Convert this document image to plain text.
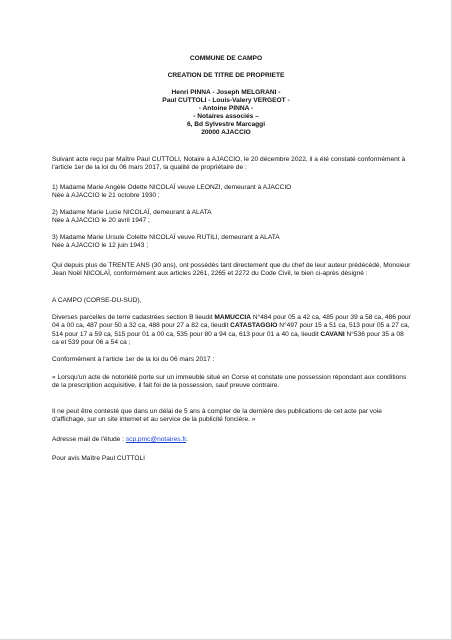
COMMUNE DE CAMPO
CREATION DE TITRE DE PROPRIETE
Henri PINNA - Joseph MELGRANI -
Paul CUTTOLI - Louis-Valery VERGEOT -
- Antoine PINNA -
- Notaires associés –
6, Bd Sylvestre Marcaggi
20000 AJACCIO

Suivant acte reçu par Maître Paul CUTTOLI, Notaire à AJACCIO, le 20 décembre 2022, il a été constaté conformément à l'article 1er de la loi du 06 mars 2017, la qualité de propriétaire de :

1) Madame Marie Angèle Odette NICOLAÏ veuve LEONZI, demeurant à AJACCIO

Née à AJACCIO le 21 octobre 1930 ;

2) Madame Marie Lucie NICOLAÏ, demeurant à ALATA

Née à AJACCIO le 20 avril 1947 ;

3) Madame Marie Ursule Colette NICOLAÏ veuve RUTILI, demeurant à ALATA

Née à AJACCIO le 12 juin 1943 ;

Qui depuis plus de TRENTE ANS (30 ans), ont possédés tant directement que du chef de leur auteur prédécédé, Monsieur Jean Noël NICOLAÏ, conformément aux articles 2261, 2265 et 2272 du Code Civil, le bien ci-après désigné :

A CAMPO (CORSE-DU-SUD),

Diverses parcelles de terre cadastrées section B lieudit MAMUCCIA N°484 pour 05 a 42 ca, 485 pour 39 a 58 ca, 486 pour 04 a 00 ca, 487 pour 50 a 32 ca, 488 pour 27 a 82 ca, lieudit CATASTAGGIO N°497 pour 15 a 51 ca, 513 pour 05 a 27 ca, 514 pour 17 a 59 ca, 515 pour 01 a 00 ca, 535 pour 80 a 94 ca, 613 pour 01 a 40 ca, lieudit CAVANI N°536 pour 35 a 08 ca et 539 pour 06 a 54 ca ;

Conformément à l'article 1er de la loi du 06 mars 2017 :

« Lorsqu'un acte de notoriété porte sur un immeuble situé en Corse et constate une possession répondant aux conditions de la prescription acquisitive, il fait foi de la possession, sauf preuve contraire.

Il ne peut être contesté que dans un délai de 5 ans à compter de la dernière des publications de cet acte par voie d'affichage, sur un site internet et au service de la publicité foncière. »

Adresse mail de l'étude : scp.pmc@notaires.fr.

Pour avis Maître Paul CUTTOLI
